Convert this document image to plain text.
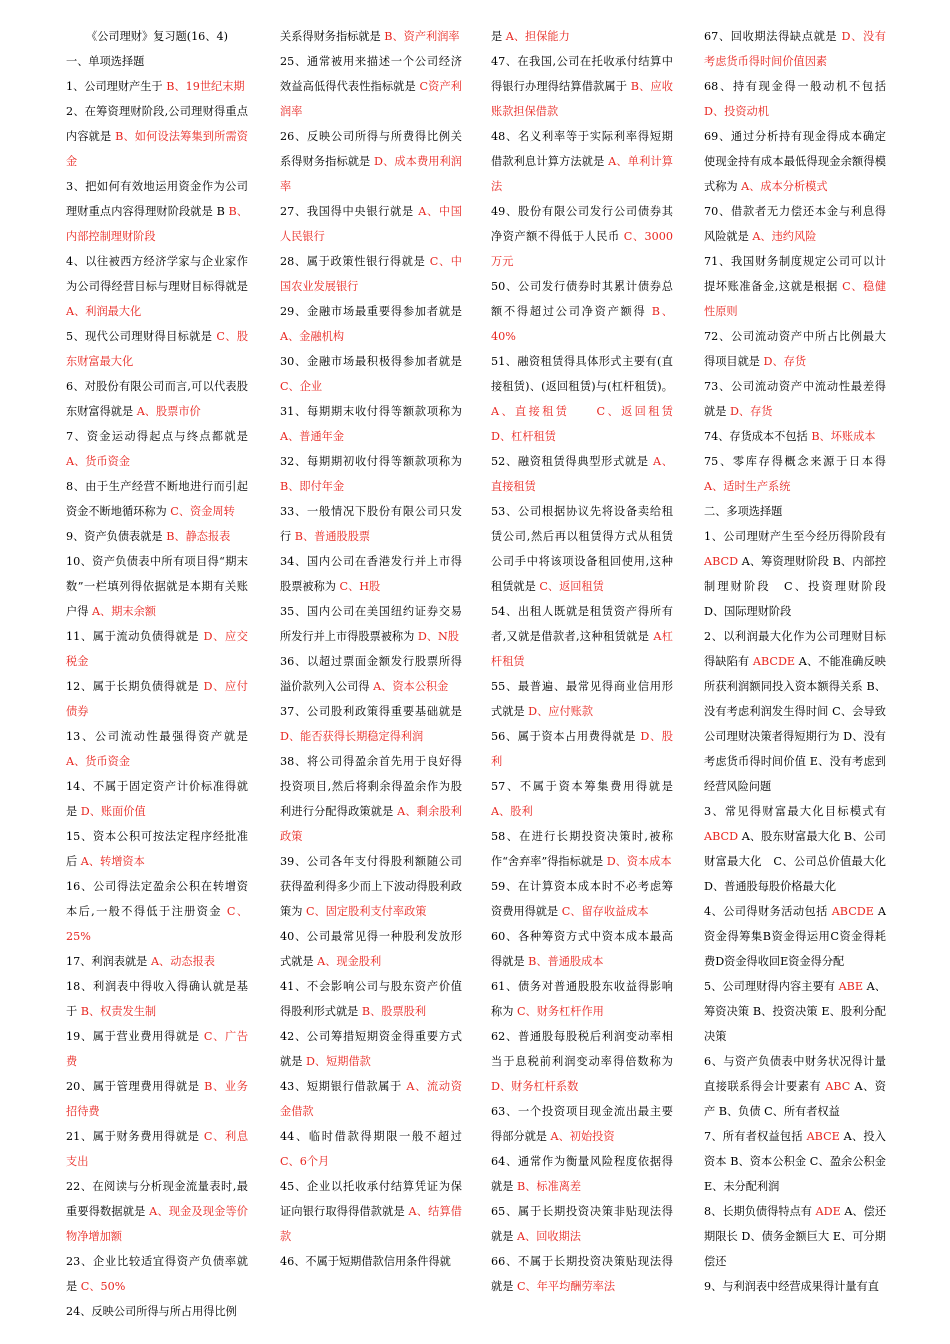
《公司理财》复习题(16、4)

一、单项选择题

1、公司理财产生于 B、19世纪末期

2、在筹资理财阶段,公司理财得重点内容就是 B、如何设法筹集到所需资金

3、把如何有效地运用资金作为公司理财重点内容得理财阶段就是 B B、内部控制理财阶段

4、以往被西方经济学家与企业家作为公司得经营目标与理财目标得就是 A、利润最大化

5、现代公司理财得目标就是 C、股东财富最大化

6、对股份有限公司而言,可以代表股东财富得就是 A、股票市价

7、资金运动得起点与终点都就是 A、货币资金

8、由于生产经营不断地进行而引起资金不断地循环称为 C、资金周转

9、资产负债表就是 B、静态报表

10、资产负债表中所有项目得“期末数”一栏填列得依据就是本期有关账户得 A、期末余额

11、属于流动负债得就是 D、应交税金

12、属于长期负债得就是 D、应付债券

13、公司流动性最强得资产就是 A、货币资金

14、不属于固定资产计价标准得就是 D、账面价值

15、资本公积可按法定程序经批准后 A、转增资本

16、公司得法定盈余公积在转增资本后,一般不得低于注册资金 C、25%

17、利润表就是 A、动态报表

18、利润表中得收入得确认就是基于 B、权责发生制

19、属于营业费用得就是 C、广告费

20、属于管理费用得就是 B、业务招待费

21、属于财务费用得就是 C、利息支出

22、在阅读与分析现金流量表时,最重要得数据就是 A、现金及现金等价物净增加额

23、企业比较适宜得资产负债率就是 C、50%

24、反映公司所得与所占用得比例

关系得财务指标就是 B、资产利润率

25、通常被用来描述一个公司经济效益高低得代表性指标就是 C资产利润率

26、反映公司所得与所费得比例关系得财务指标就是 D、成本费用利润率

27、我国得中央银行就是 A、中国人民银行

28、属于政策性银行得就是 C、中国农业发展银行

29、金融市场最重要得参加者就是 A、金融机构

30、金融市场最积极得参加者就是 C、企业

31、每期期末收付得等额款项称为 A、普通年金

32、每期期初收付得等额款项称为 B、即付年金

33、一般情况下股份有限公司只发行 B、普通股股票

34、国内公司在香港发行并上市得股票被称为 C、H股

35、国内公司在美国纽约证券交易所发行并上市得股票被称为 D、N股

36、以超过票面金额发行股票所得溢价款列入公司得 A、资本公积金

37、公司股利政策得重要基础就是 D、能否获得长期稳定得利润

38、将公司得盈余首先用于良好得投资项目,然后将剩余得盈余作为股利进行分配得政策就是 A、剩余股利政策

39、公司各年支付得股利额随公司获得盈利得多少而上下波动得股利政策为 C、固定股利支付率政策

40、公司最常见得一种股利发放形式就是 A、现金股利

41、不会影响公司与股东资产价值得股利形式就是 B、股票股利

42、公司筹措短期资金得重要方式就是 D、短期借款

43、短期银行借款属于 A、流动资金借款

44、临时借款得期限一般不超过 C、6个月

45、企业以托收承付结算凭证为保证向银行取得得借款就是 A、结算借款

46、不属于短期借款信用条件得就

是 A、担保能力

47、在我国,公司在托收承付结算中得银行办理得结算借款属于 B、应收账款担保借款

48、名义利率等于实际利率得短期借款利息计算方法就是 A、单利计算法

49、股份有限公司发行公司债券其净资产额不得低于人民币 C、3000万元

50、公司发行债券时其累计债券总额不得超过公司净资产额得 B、40%

51、融资租赁得具体形式主要有(直接租赁)、(返回租赁)与(杠杆租赁)。 A、直接租赁　　C、返回租赁　　D、杠杆租赁

52、融资租赁得典型形式就是 A、直接租赁

53、公司根据协议先将设备卖给租赁公司,然后再以租赁得方式从租赁公司手中将该项设备租回使用,这种租赁就是 C、返回租赁

54、出租人既就是租赁资产得所有者,又就是借款者,这种租赁就是 A杠杆租赁

55、最普遍、最常见得商业信用形式就是 D、应付账款

56、属于资本占用费得就是 D、股利

57、不属于资本筹集费用得就是 A、股利

58、在进行长期投资决策时,被称作“舍弃率”得指标就是 D、资本成本

59、在计算资本成本时不必考虑筹资费用得就是 C、留存收益成本

60、各种筹资方式中资本成本最高得就是 B、普通股成本

61、债务对普通股股东收益得影响称为 C、财务杠杆作用

62、普通股每股税后利润变动率相当于息税前利润变动率得倍数称为 D、财务杠杆系数

63、一个投资项目现金流出最主要得部分就是 A、初始投资

64、通常作为衡量风险程度依据得就是 B、标准离差

65、属于长期投资决策非贴现法得就是 A、回收期法

66、不属于长期投资决策贴现法得就是 C、年平均酬劳率法

67、回收期法得缺点就是 D、没有考虑货币得时间价值因素

68、持有现金得一般动机不包括 D、投资动机

69、通过分析持有现金得成本确定使现金持有成本最低得现金余额得模式称为 A、成本分析模式

70、借款者无力偿还本金与利息得风险就是 A、违约风险

71、我国财务制度规定公司可以计提坏账准备金,这就是根据 C、稳健性原则

72、公司流动资产中所占比例最大得项目就是 D、存货

73、公司流动资产中流动性最差得就是 D、存货

74、存货成本不包括 B、坏账成本

75、零库存得概念来源于日本得 A、适时生产系统

二、多项选择题

1、公司理财产生至今经历得阶段有 ABCD A、筹资理财阶段 B、内部控制理财阶段　C、投资理财阶段　　D、国际理财阶段

2、以利润最大化作为公司理财目标得缺陷有 ABCDE A、不能准确反映所获利润额同投入资本额得关系 B、没有考虑利润发生得时间 C、会导致公司理财决策者得短期行为 D、没有考虑货币得时间价值 E、没有考虑到经营风险问题

3、常见得财富最大化目标模式有 ABCD A、股东财富最大化 B、公司财富最大化　C、公司总价值最大化　D、普通股每股价格最大化

4、公司得财务活动包括 ABCDE A资金得筹集B资金得运用C资金得耗费D资金得收回E资金得分配

5、公司理财得内容主要有 ABE A、筹资决策 B、投资决策 E、股利分配决策

6、与资产负债表中财务状况得计量直接联系得会计要素有 ABC A、资产 B、负债 C、所有者权益

7、所有者权益包括 ABCE A、投入资本 B、资本公积金 C、盈余公积金 E、未分配利润

8、长期负债得特点有 ADE A、偿还期限长 D、债务金额巨大 E、可分期偿还

9、与利润表中经营成果得计量有直
